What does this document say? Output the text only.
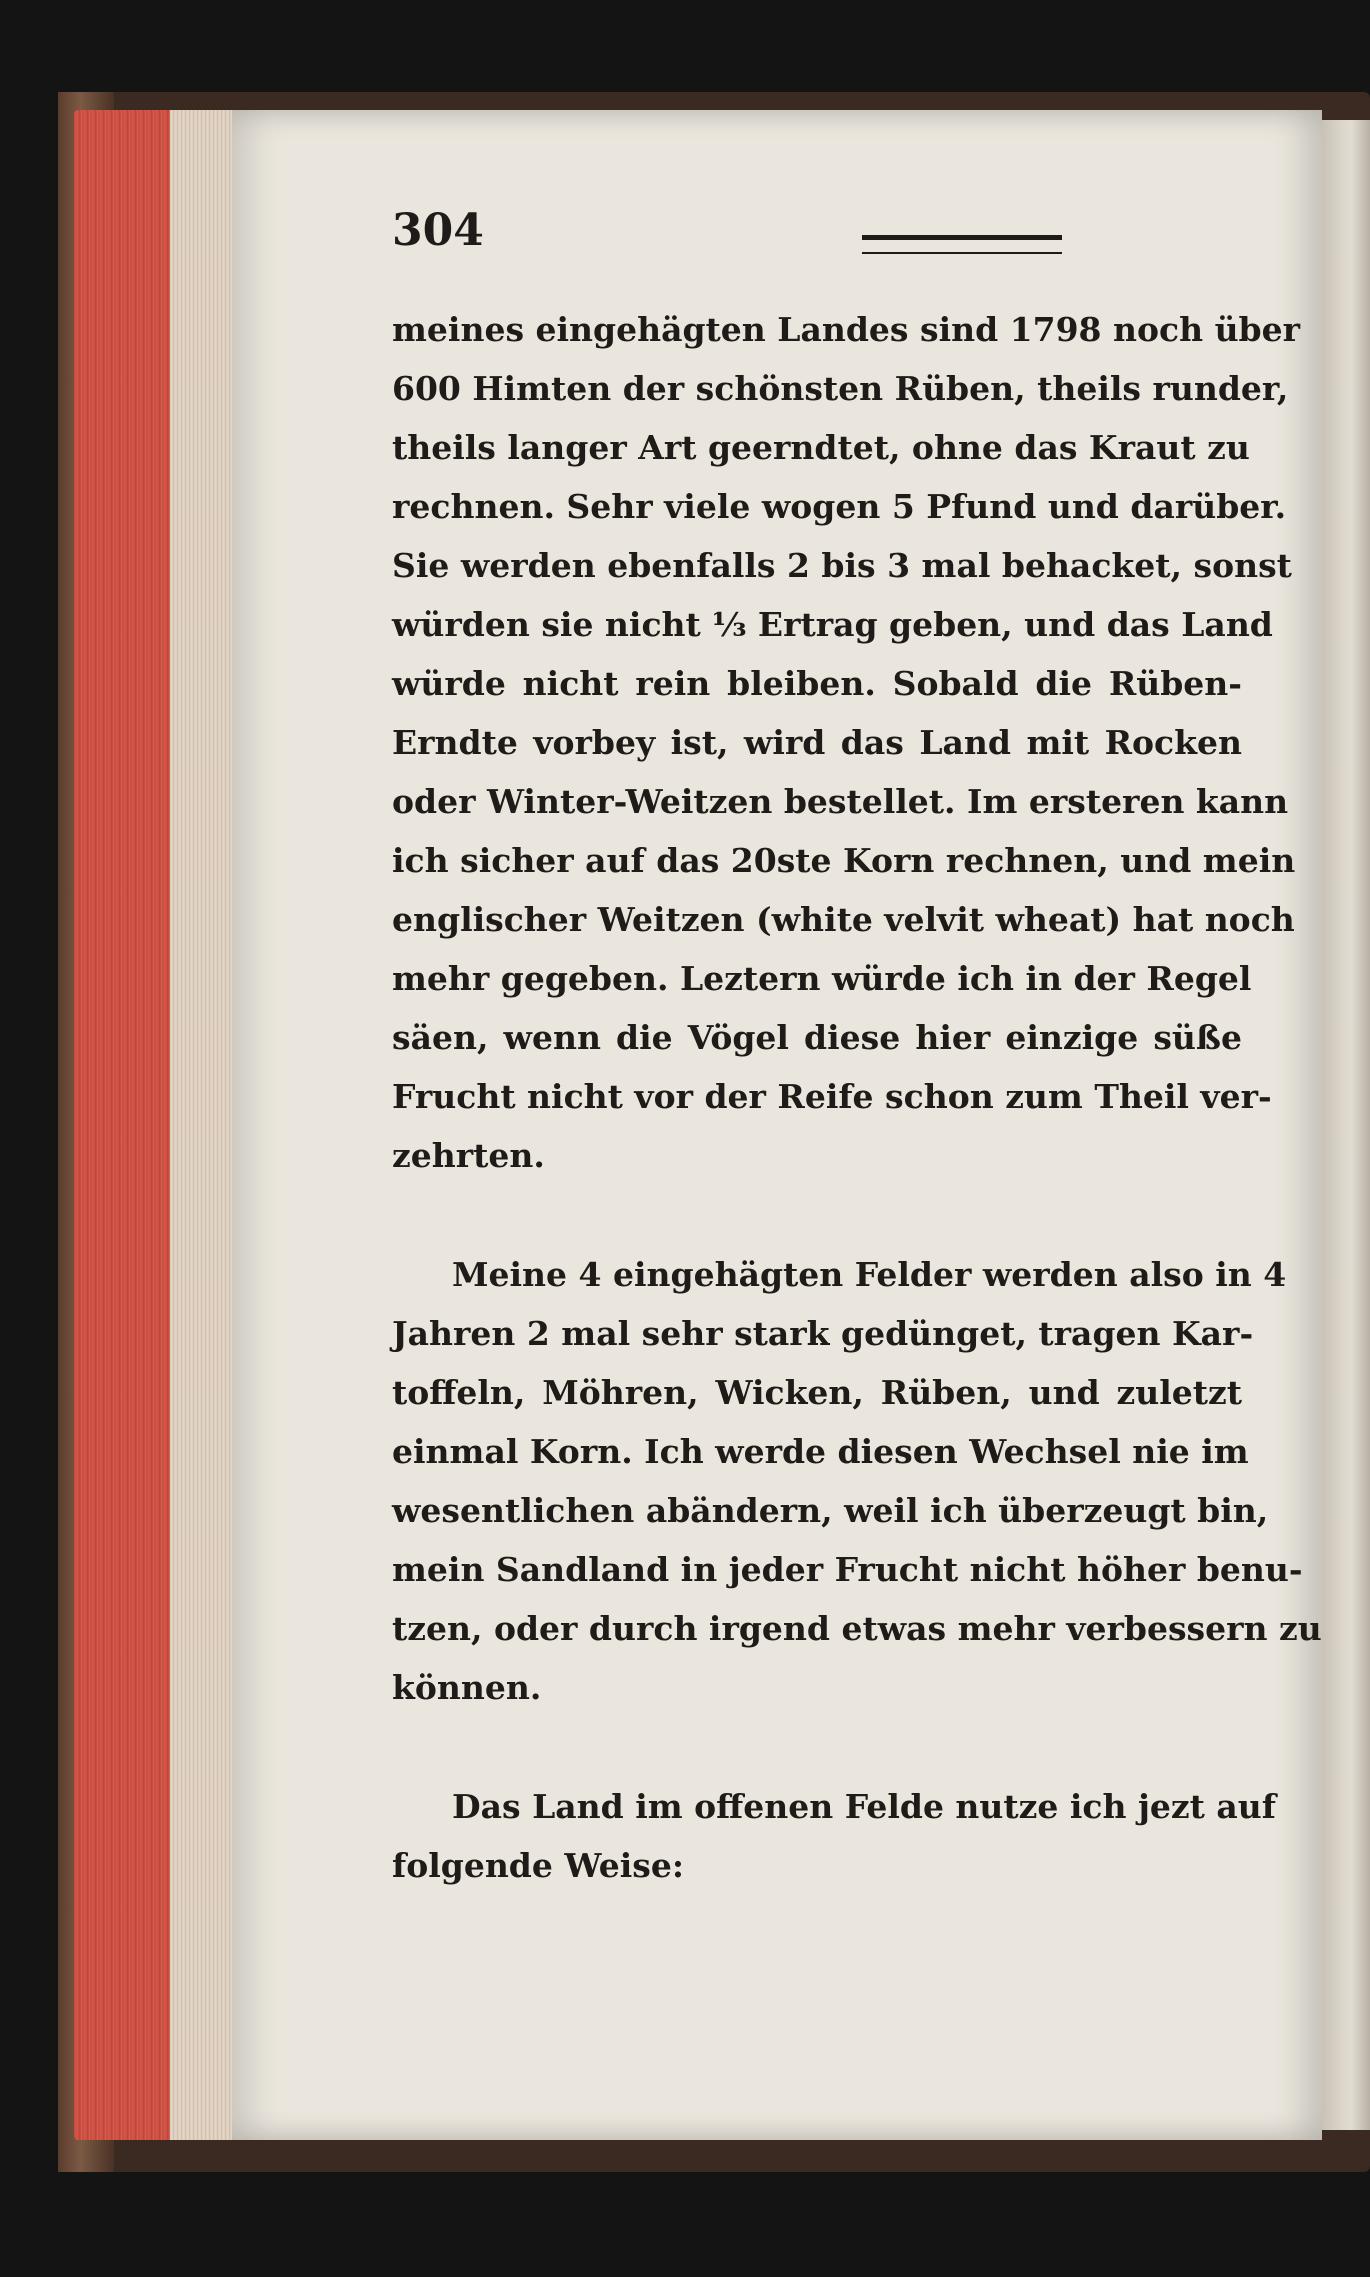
304
meines eingehägten Landes sind 1798 noch über
600 Himten der schönsten Rüben, theils runder,
theils langer Art geerndtet, ohne das Kraut zu
rechnen. Sehr viele wogen 5 Pfund und darüber.
Sie werden ebenfalls 2 bis 3 mal behacket, sonst
würden sie nicht ⅓ Ertrag geben, und das Land
würde nicht rein bleiben. Sobald die Rüben-
Erndte vorbey ist, wird das Land mit Rocken
oder Winter-Weitzen bestellet. Im ersteren kann
ich sicher auf das 20ste Korn rechnen, und mein
englischer Weitzen (white velvit wheat) hat noch
mehr gegeben. Leztern würde ich in der Regel
säen, wenn die Vögel diese hier einzige süße
Frucht nicht vor der Reife schon zum Theil ver-
zehrten.
Meine 4 eingehägten Felder werden also in 4
Jahren 2 mal sehr stark gedünget, tragen Kar-
toffeln, Möhren, Wicken, Rüben, und zuletzt
einmal Korn. Ich werde diesen Wechsel nie im
wesentlichen abändern, weil ich überzeugt bin,
mein Sandland in jeder Frucht nicht höher benu-
tzen, oder durch irgend etwas mehr verbessern zu
können.
Das Land im offenen Felde nutze ich jezt auf
folgende Weise:
